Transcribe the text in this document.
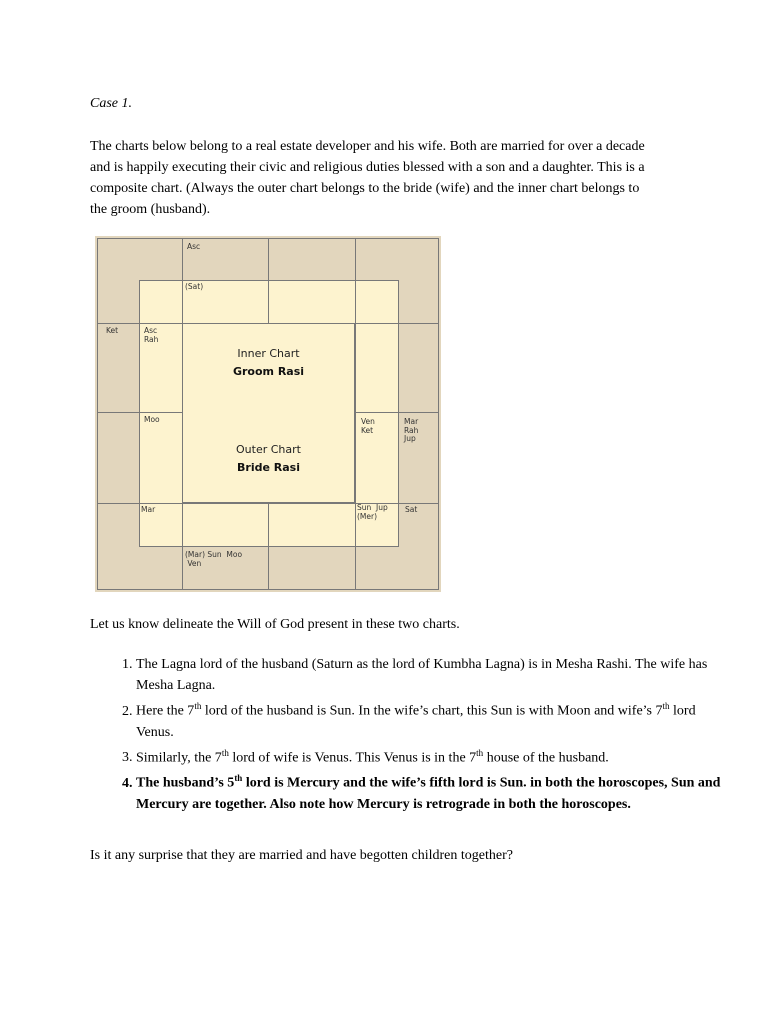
Case 1.
The charts below belong to a real estate developer and his wife. Both are married for over a decade
and is happily executing their civic and religious duties blessed with a son and a daughter. This is a
composite chart. (Always the outer chart belongs to the bride (wife) and the inner chart belongs to
the groom (husband).
Inner Chart
Groom Rasi
Outer Chart
Bride Rasi
Asc
(Sat)
Ket	Asc
Rah
Moo	Ven
Ket
Mar
Rah
Jup
Mar	Sun  Jup
(Mer)
Sat
(Mar) Sun  Moo
Ven
Let us know delineate the Will of God present in these two charts.
1. The Lagna lord of the husband (Saturn as the lord of Kumbha Lagna) is in Mesha Rashi. The wife has Mesha Lagna.
2. Here the 7th lord of the husband is Sun. In the wife’s chart, this Sun is with Moon and wife’s 7th lord Venus.
3. Similarly, the 7th lord of wife is Venus. This Venus is in the 7th house of the husband.
4. The husband’s 5th lord is Mercury and the wife’s fifth lord is Sun. in both the horoscopes, Sun and Mercury are together. Also note how Mercury is retrograde in both the horoscopes.
Is it any surprise that they are married and have begotten children together?
